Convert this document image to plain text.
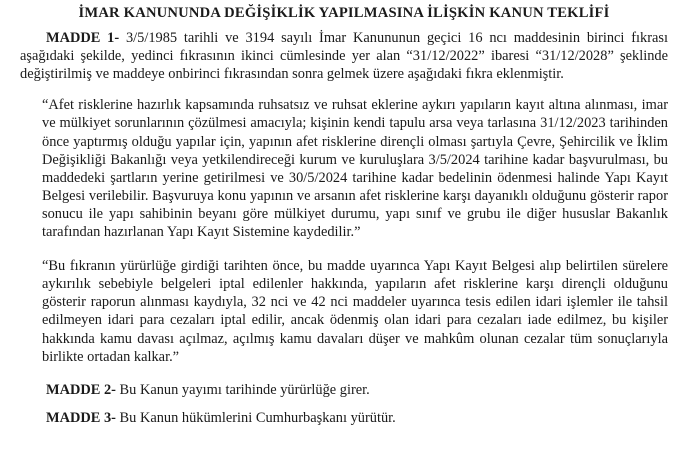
İMAR KANUNUNDA DEĞİŞİKLİK YAPILMASINA İLİŞKİN KANUN TEKLİFİ

MADDE 1- 3/5/1985 tarihli ve 3194 sayılı İmar Kanununun geçici 16 ncı maddesinin birinci fıkrası aşağıdaki şekilde, yedinci fıkrasının ikinci cümlesinde yer alan “31/12/2022” ibaresi “31/12/2028” şeklinde değiştirilmiş ve maddeye onbirinci fıkrasından sonra gelmek üzere aşağıdaki fıkra eklenmiştir.

“Afet risklerine hazırlık kapsamında ruhsatsız ve ruhsat eklerine aykırı yapıların kayıt altına alınması, imar ve mülkiyet sorunlarının çözülmesi amacıyla; kişinin kendi tapulu arsa veya tarlasına 31/12/2023 tarihinden önce yaptırmış olduğu yapılar için, yapının afet risklerine dirençli olması şartıyla Çevre, Şehircilik ve İklim Değişikliği Bakanlığı veya yetkilendireceği kurum ve kuruluşlara 3/5/2024 tarihine kadar başvurulması, bu maddedeki şartların yerine getirilmesi ve 30/5/2024 tarihine kadar bedelinin ödenmesi halinde Yapı Kayıt Belgesi verilebilir. Başvuruya konu yapının ve arsanın afet risklerine karşı dayanıklı olduğunu gösterir rapor sonucu ile yapı sahibinin beyanı göre mülkiyet durumu, yapı sınıf ve grubu ile diğer hususlar Bakanlık tarafından hazırlanan Yapı Kayıt Sistemine kaydedilir.”

“Bu fıkranın yürürlüğe girdiği tarihten önce, bu madde uyarınca Yapı Kayıt Belgesi alıp belirtilen sürelere aykırılık sebebiyle belgeleri iptal edilenler hakkında, yapıların afet risklerine karşı dirençli olduğunu gösterir raporun alınması kaydıyla, 32 nci ve 42 nci maddeler uyarınca tesis edilen idari işlemler ile tahsil edilmeyen idari para cezaları iptal edilir, ancak ödenmiş olan idari para cezaları iade edilmez, bu kişiler hakkında kamu davası açılmaz, açılmış kamu davaları düşer ve mahkûm olunan cezalar tüm sonuçlarıyla birlikte ortadan kalkar.”

MADDE 2- Bu Kanun yayımı tarihinde yürürlüğe girer.

MADDE 3- Bu Kanun hükümlerini Cumhurbaşkanı yürütür.
